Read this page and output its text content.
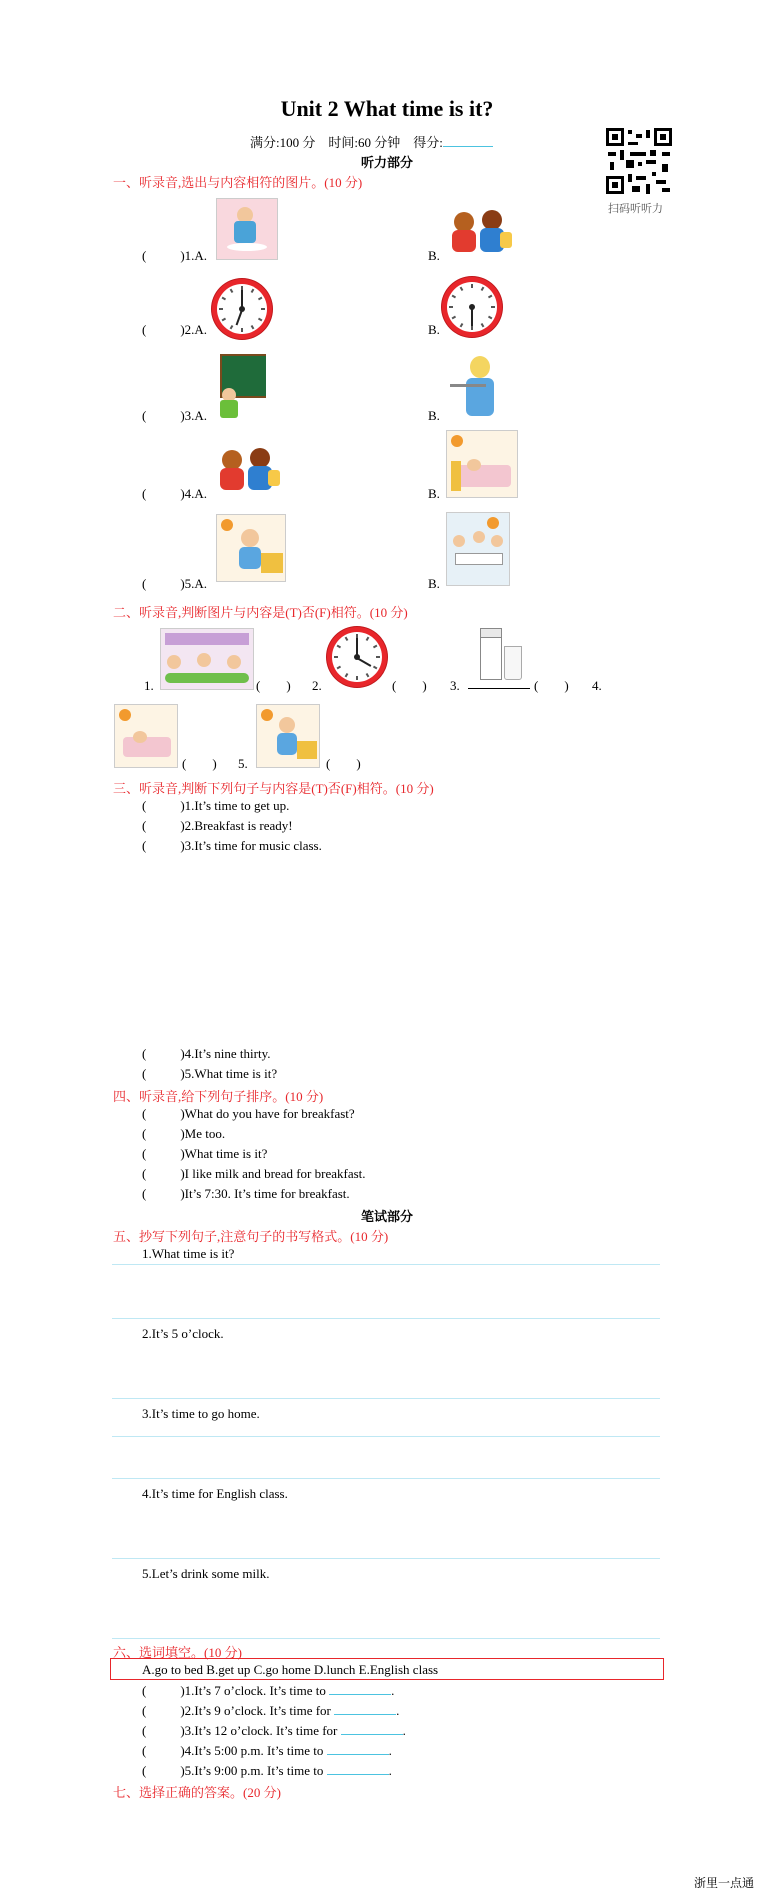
Unit 2 What time is it?
满分:100 分 时间:60 分钟 得分:
扫码听听力
听力部分
一、听录音,选出与内容相符的图片。(10 分)
(	)1.A.	B.
(	)2.A.	B.
(	)3.A.	B.
(	)4.A.	B.
(	)5.A.	B.
二、听录音,判断图片与内容是(T)否(F)相符。(10 分)
1.	( ) 2.	( ) 3.	( ) 4.
( ) 5.	( )
三、听录音,判断下列句子与内容是(T)否(F)相符。(10 分)
(	)1.It’s time to get up.
(	)2.Breakfast is ready!
(	)3.It’s time for music class.
(	)4.It’s nine thirty.
(	)5.What time is it?
四、听录音,给下列句子排序。(10 分)
(	)What do you have for breakfast?
(	)Me too.
(	)What time is it?
(	)I like milk and bread for breakfast.
(	)It’s 7:30. It’s time for breakfast.
笔试部分
五、抄写下列句子,注意句子的书写格式。(10 分)
1.What time is it?
2.It’s 5 o’clock.
3.It’s time to go home.
4.It’s time for English class.
5.Let’s drink some milk.
六、选词填空。(10 分)
A.go to bed B.get up C.go home D.lunch E.English class
(	)1.It’s 7 o’clock. It’s time to	.
(	)2.It’s 9 o’clock. It’s time for	.
(	)3.It’s 12 o’clock. It’s time for	.
(	)4.It’s 5:00 p.m. It’s time to	.
(	)5.It’s 9:00 p.m. It’s time to	.
七、选择正确的答案。(20 分)
浙里一点通
